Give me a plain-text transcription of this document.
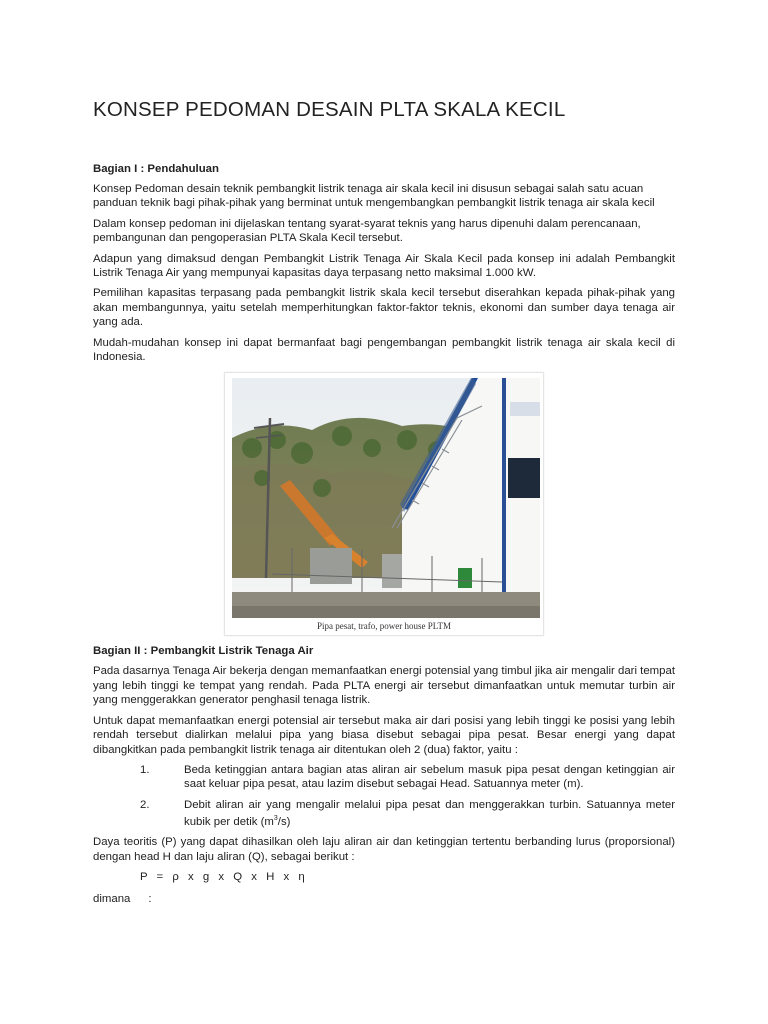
KONSEP PEDOMAN DESAIN PLTA SKALA KECIL
Bagian I : Pendahuluan

Konsep Pedoman desain teknik pembangkit listrik tenaga air skala kecil ini disusun sebagai salah satu acuan panduan teknik bagi pihak-pihak yang berminat untuk mengembangkan pembangkit listrik tenaga air skala kecil

Dalam konsep pedoman ini dijelaskan tentang syarat-syarat teknis yang harus dipenuhi dalam perencanaan, pembangunan dan pengoperasian PLTA Skala Kecil tersebut.

Adapun yang dimaksud dengan Pembangkit Listrik Tenaga Air Skala Kecil pada konsep ini adalah Pembangkit Listrik Tenaga Air yang mempunyai kapasitas daya terpasang netto maksimal 1.000 kW.

Pemilihan kapasitas terpasang pada pembangkit listrik skala kecil tersebut diserahkan kepada pihak-pihak yang akan membangunnya, yaitu setelah memperhitungkan faktor-faktor teknis, ekonomi dan sumber daya tenaga air yang ada.

Mudah-mudahan konsep ini dapat bermanfaat bagi pengembangan pembangkit listrik tenaga air skala kecil di Indonesia.

Pipa pesat, trafo, power house PLTM
Bagian II : Pembangkit Listrik Tenaga Air

Pada dasarnya Tenaga Air bekerja dengan memanfaatkan energi potensial yang timbul jika air mengalir dari tempat yang lebih tinggi ke tempat yang rendah. Pada PLTA energi air tersebut dimanfaatkan untuk memutar turbin air yang menggerakkan generator penghasil tenaga listrik.

Untuk dapat memanfaatkan energi potensial air tersebut maka air dari posisi yang lebih tinggi ke posisi yang lebih rendah tersebut dialirkan melalui pipa yang biasa disebut sebagai pipa pesat. Besar energi yang dapat dibangkitkan pada pembangkit listrik tenaga air ditentukan oleh 2 (dua) faktor, yaitu :

1.	Beda ketinggian antara bagian atas aliran air sebelum masuk pipa pesat dengan ketinggian air saat keluar pipa pesat, atau lazim disebut sebagai Head. Satuannya meter (m).
2.	Debit aliran air yang mengalir melalui pipa pesat dan menggerakkan turbin. Satuannya meter kubik per detik $(m^3/s)$

Daya teoritis (P) yang dapat dihasilkan oleh laju aliran air dan ketinggian tertentu berbanding lurus (proporsional) dengan head H dan laju aliran (Q), sebagai berikut :

P = ρ x g x Q x H x η
dimana :
